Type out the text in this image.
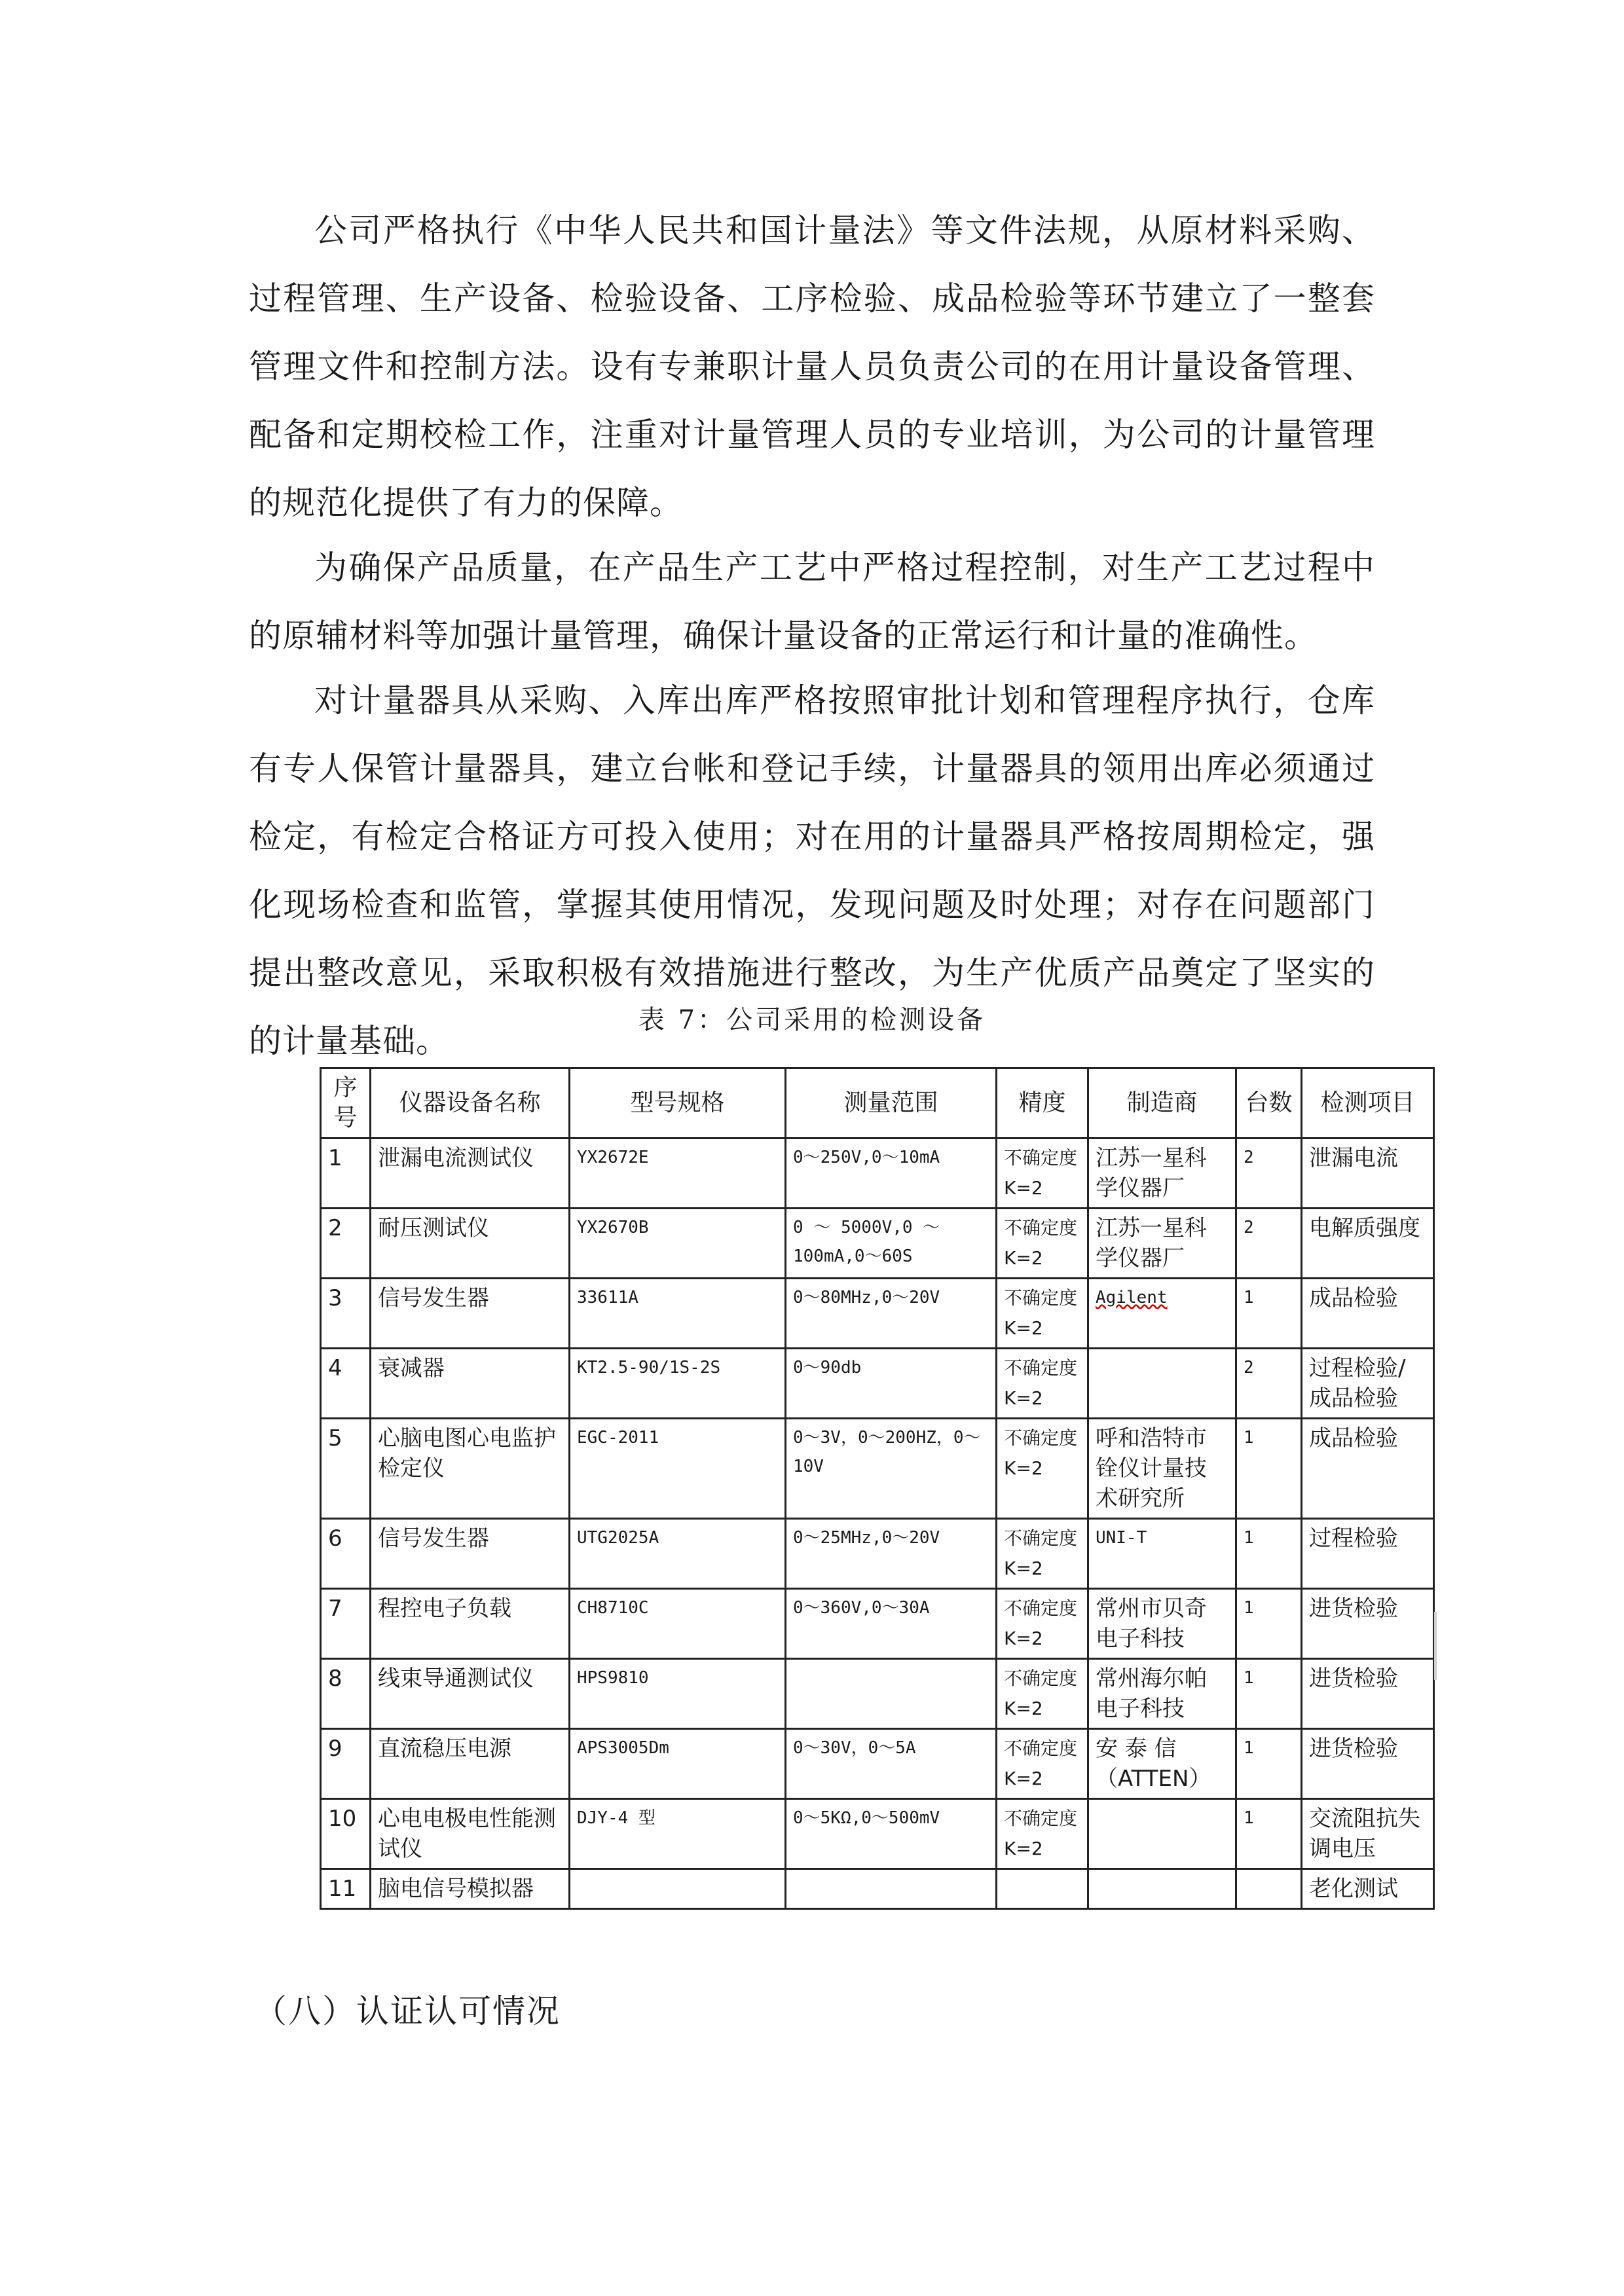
公司严格执行《中华人民共和国计量法》等文件法规，从原材料采购、过程管理、生产设备、检验设备、工序检验、成品检验等环节建立了一整套管理文件和控制方法。设有专兼职计量人员负责公司的在用计量设备管理、配备和定期校检工作，注重对计量管理人员的专业培训，为公司的计量管理的规范化提供了有力的保障。

为确保产品质量，在产品生产工艺中严格过程控制，对生产工艺过程中的原辅材料等加强计量管理，确保计量设备的正常运行和计量的准确性。

对计量器具从采购、入库出库严格按照审批计划和管理程序执行，仓库有专人保管计量器具，建立台帐和登记手续，计量器具的领用出库必须通过检定，有检定合格证方可投入使用；对在用的计量器具严格按周期检定，强化现场检查和监管，掌握其使用情况，发现问题及时处理；对存在问题部门提出整改意见，采取积极有效措施进行整改，为生产优质产品奠定了坚实的的计量基础。

表 7：公司采用的检测设备
序号	仪器设备名称	型号规格	测量范围	精度	制造商	台数	检测项目
1	泄漏电流测试仪	YX2672E	0～250V,0～10mA	不确定度K=2	江苏一星科学仪器厂	2	泄漏电流
2	耐压测试仪	YX2670B	0 ～ 5000V,0 ～ 100mA,0～60S	不确定度K=2	江苏一星科学仪器厂	2	电解质强度
3	信号发生器	33611A	0～80MHz,0～20V	不确定度K=2	Agilent	1	成品检验
4	衰减器	KT2.5-90/1S-2S	0～90db	不确定度K=2		2	过程检验/成品检验
5	心脑电图心电监护检定仪	EGC-2011	0～3V，0～200HZ，0～10V	不确定度K=2	呼和浩特市铨仪计量技术研究所	1	成品检验
6	信号发生器	UTG2025A	0～25MHz,0～20V	不确定度K=2	UNI-T	1	过程检验
7	程控电子负载	CH8710C	0～360V,0～30A	不确定度K=2	常州市贝奇电子科技	1	进货检验
8	线束导通测试仪	HPS9810		不确定度K=2	常州海尔帕电子科技	1	进货检验
9	直流稳压电源	APS3005Dm	0～30V，0～5A	不确定度K=2	安 泰 信（ATTEN）	1	进货检验
10	心电电极电性能测试仪	DJY-4 型	0～5KΩ,0～500mV	不确定度K=2		1	交流阻抗失调电压
11	脑电信号模拟器						老化测试
（八）认证认可情况
